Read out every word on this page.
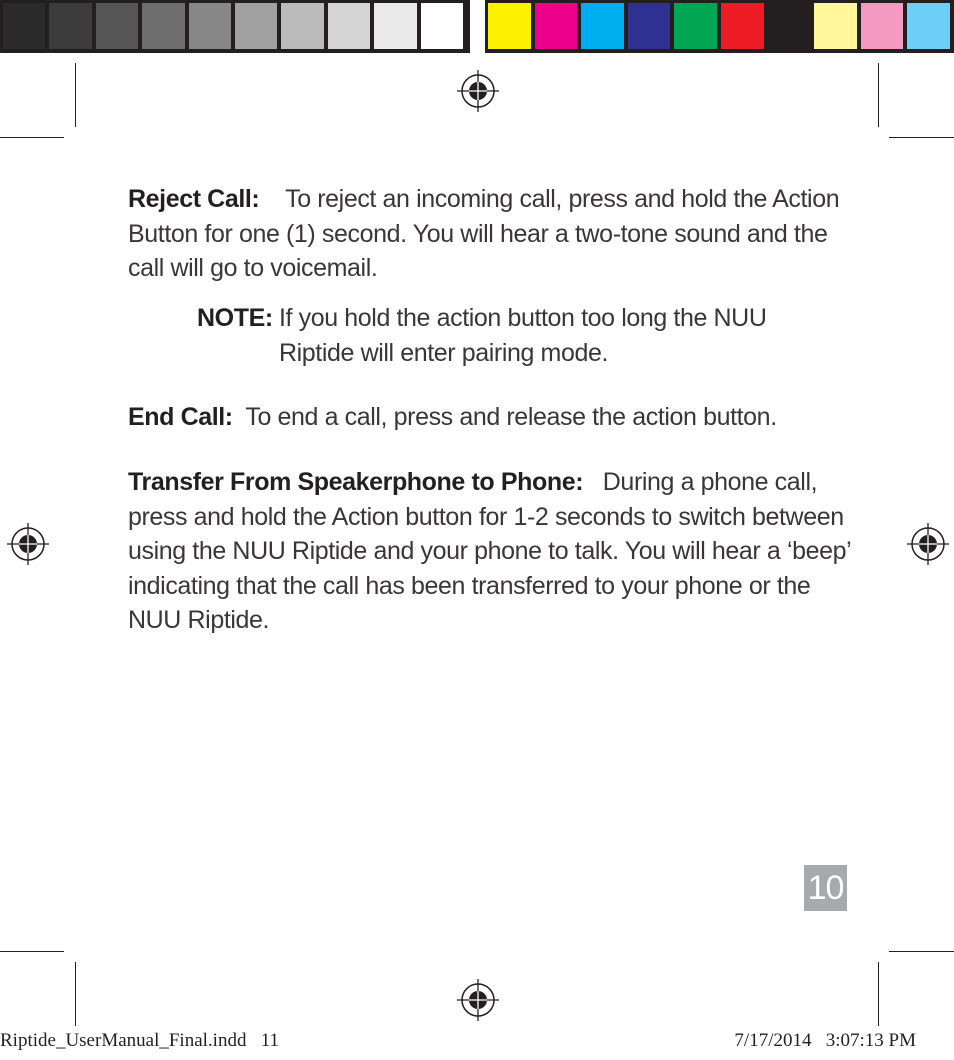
Reject Call: To reject an incoming call, press and hold the Action Button for one (1) second. You will hear a two-tone sound and the call will go to voicemail.
NOTE: If you hold the action button too long the NUU Riptide will enter pairing mode.
End Call: To end a call, press and release the action button.
Transfer From Speakerphone to Phone: During a phone call, press and hold the Action button for 1-2 seconds to switch between using the NUU Riptide and your phone to talk. You will hear a ‘beep’ indicating that the call has been transferred to your phone or the NUU Riptide.
10
Riptide_UserManual_Final.indd   11	7/17/2014   3:07:13 PM
